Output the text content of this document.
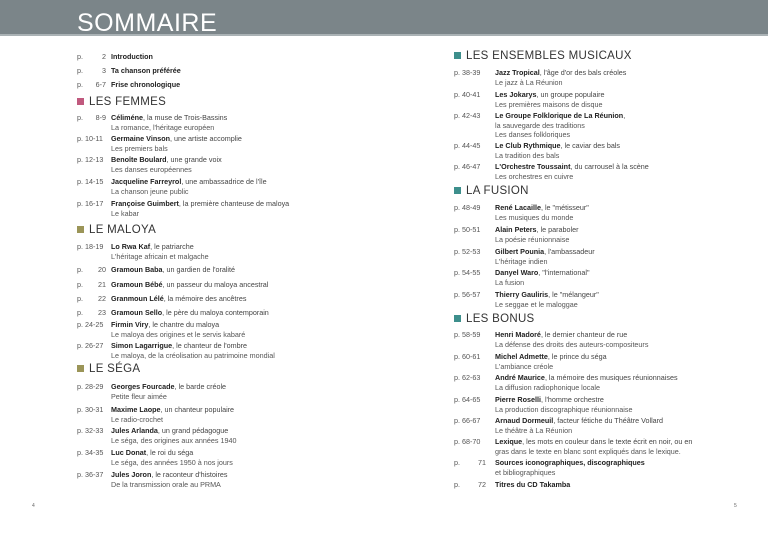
SOMMAIRE
p.	2 Introduction
p.	3 Ta chanson préférée
p. 6-7 Frise chronologique
LES FEMMES
p. 8-9 Céliméne, la muse de Trois-Bassins
La romance, l'héritage européen
p. 10-11 Germaine Vinson, une artiste accomplie
Les premiers bals
p. 12-13 Benoîte Boulard, une grande voix
Les danses européennes
p. 14-15 Jacqueline Farreyrol, une ambassadrice de l'île
La chanson jeune public
p. 16-17 Françoise Guimbert, la première chanteuse de maloya
Le kabar
LE MALOYA
p. 18-19 Lo Rwa Kaf, le patriarche
L'héritage africain et malgache
p. 20 Gramoun Baba, un gardien de l'oralité
p. 21 Gramoun Bébé, un passeur du maloya ancestral
p. 22 Granmoun Lélé, la mémoire des ancêtres
p. 23 Gramoun Sello, le père du maloya contemporain
p. 24-25 Firmin Viry, le chantre du maloya
Le maloya des origines et le servis kabaré
p. 26-27 Simon Lagarrigue, le chanteur de l'ombre
Le maloya, de la créolisation au patrimoine mondial
LE SÉGA
p. 28-29 Georges Fourcade, le barde créole
Petite fleur aimée
p. 30-31 Maxime Laope, un chanteur populaire
Le radio-crochet
p. 32-33 Jules Arlanda, un grand pédagogue
Le séga, des origines aux années 1940
p. 34-35 Luc Donat, le roi du séga
Le séga, des années 1950 à nos jours
p. 36-37 Jules Joron, le raconteur d'histoires
De la transmission orale au PRMA
LES ENSEMBLES MUSICAUX
p. 38-39 Jazz Tropical, l'âge d'or des bals créoles
Le jazz à La Réunion
p. 40-41 Les Jokarys, un groupe populaire
Les premières maisons de disque
p. 42-43 Le Groupe Folklorique de La Réunion,
la sauvegarde des traditions
Les danses folkloriques
p. 44-45 Le Club Rythmique, le caviar des bals
La tradition des bals
p. 46-47 L'Orchestre Toussaint, du carrousel à la scène
Les orchestres en cuivre
LA FUSION
p. 48-49 René Lacaille, le "métisseur"
Les musiques du monde
p. 50-51 Alain Peters, le paraboler
La poésie réunionnaise
p. 52-53 Gilbert Pounia, l'ambassadeur
L'héritage indien
p. 54-55 Danyel Waro, "l'international"
La fusion
p. 56-57 Thierry Gauliris, le "mélangeur"
Le seggae et le maloggae
LES BONUS
p. 58-59 Henri Madoré, le dernier chanteur de rue
La défense des droits des auteurs-compositeurs
p. 60-61 Michel Admette, le prince du séga
L'ambiance créole
p. 62-63 André Maurice, la mémoire des musiques réunionnaises
La diffusion radiophonique locale
p. 64-65 Pierre Roselli, l'homme orchestre
La production discographique réunionnaise
p. 66-67 Arnaud Dormeuil, facteur fétiche du Théâtre Vollard
Le théâtre à La Réunion
p. 68-70 Lexique, les mots en couleur dans le texte écrit en noir, ou en
gras dans le texte en blanc sont expliqués dans le lexique.
p.	71 Sources iconographiques, discographiques
et bibliographiques
p.	72 Titres du CD Takamba
4	5
